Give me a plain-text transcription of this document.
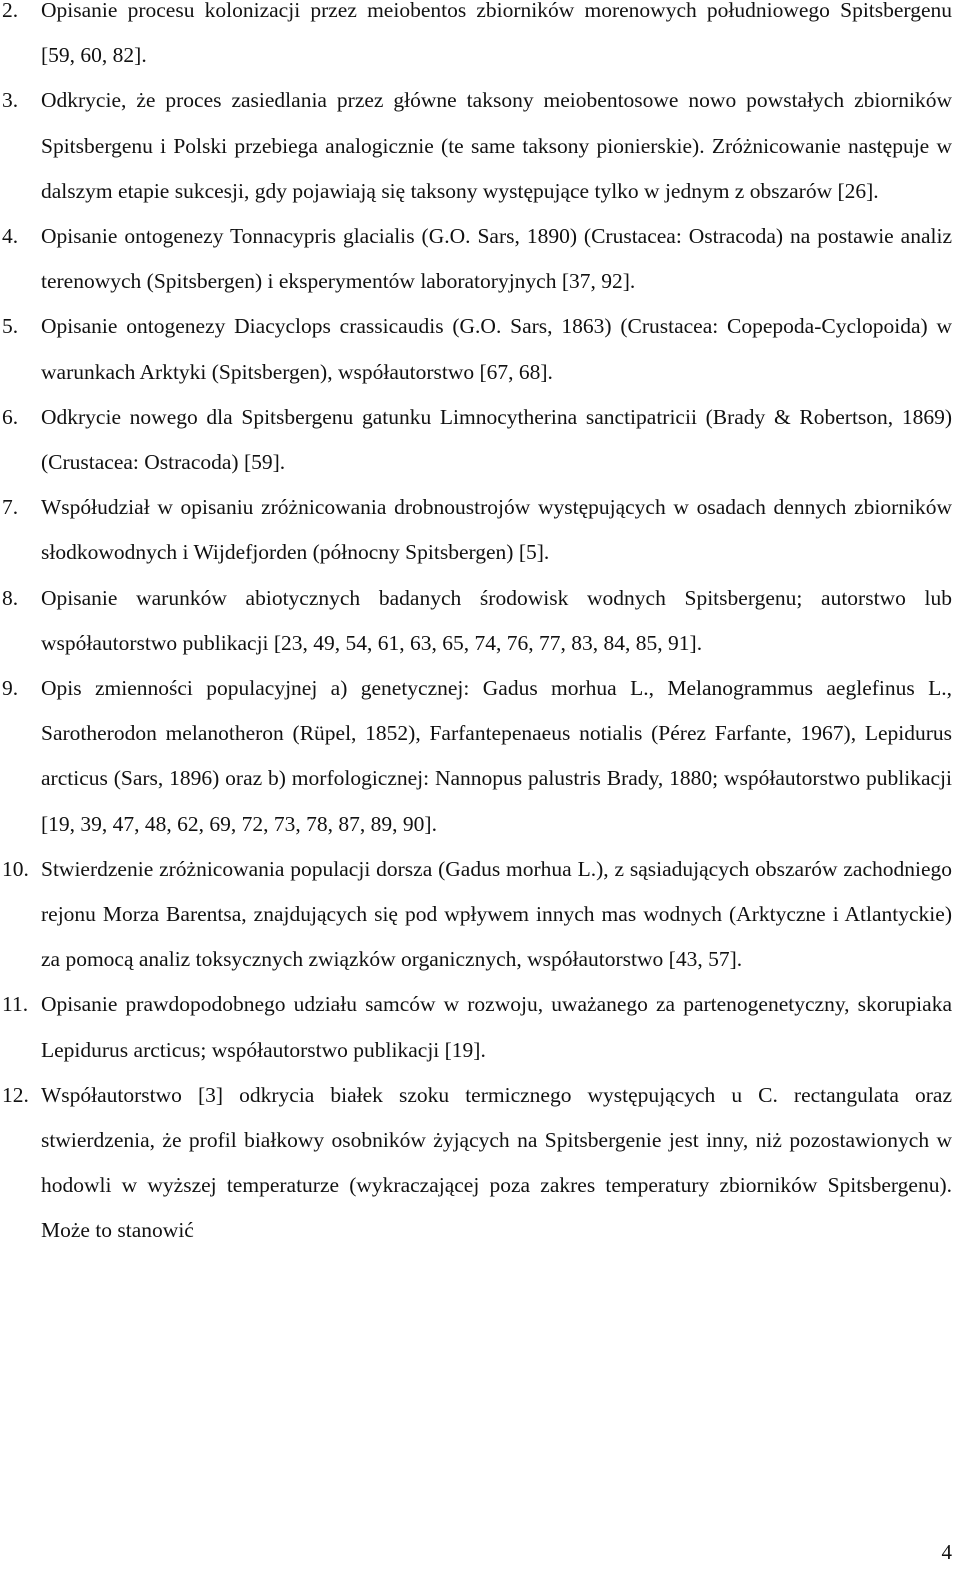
2.	Opisanie procesu kolonizacji przez meiobentos zbiorników morenowych południowego Spitsbergenu [59, 60, 82].
3.	Odkrycie, że proces zasiedlania przez główne taksony meiobentosowe nowo powstałych zbiorników Spitsbergenu i Polski przebiega analogicznie (te same taksony pionierskie). Zróżnicowanie następuje w dalszym etapie sukcesji, gdy pojawiają się taksony występujące tylko w jednym z obszarów [26].
4.	Opisanie ontogenezy Tonnacypris glacialis (G.O. Sars, 1890) (Crustacea: Ostracoda) na postawie analiz terenowych (Spitsbergen) i eksperymentów laboratoryjnych [37, 92].
5.	Opisanie ontogenezy Diacyclops crassicaudis (G.O. Sars, 1863) (Crustacea: Copepoda-Cyclopoida) w warunkach Arktyki (Spitsbergen), współautorstwo [67, 68].
6.	Odkrycie nowego dla Spitsbergenu gatunku Limnocytherina sanctipatricii (Brady & Robertson, 1869) (Crustacea: Ostracoda) [59].
7.	Współudział w opisaniu zróżnicowania drobnoustrojów występujących w osadach dennych zbiorników słodkowodnych i Wijdefjorden (północny Spitsbergen) [5].
8.	Opisanie warunków abiotycznych badanych środowisk wodnych Spitsbergenu; autorstwo lub współautorstwo publikacji [23, 49, 54, 61, 63, 65, 74, 76, 77, 83, 84, 85, 91].
9.	Opis zmienności populacyjnej a) genetycznej: Gadus morhua L., Melanogrammus aeglefinus L., Sarotherodon melanotheron (Rüpel, 1852), Farfantepenaeus notialis (Pérez Farfante, 1967), Lepidurus arcticus (Sars, 1896) oraz b) morfologicznej: Nannopus palustris Brady, 1880; współautorstwo publikacji [19, 39, 47, 48, 62, 69, 72, 73, 78, 87, 89, 90].
10. Stwierdzenie zróżnicowania populacji dorsza (Gadus morhua L.), z sąsiadujących obszarów zachodniego rejonu Morza Barentsa, znajdujących się pod wpływem innych mas wodnych (Arktyczne i Atlantyckie) za pomocą analiz toksycznych związków organicznych, współautorstwo [43, 57].
11. Opisanie prawdopodobnego udziału samców w rozwoju, uważanego za partenogenetyczny, skorupiaka Lepidurus arcticus; współautorstwo publikacji [19].
12. Współautorstwo [3] odkrycia białek szoku termicznego występujących u C. rectangulata oraz stwierdzenia, że profil białkowy osobników żyjących na Spitsbergenie jest inny, niż pozostawionych w hodowli w wyższej temperaturze (wykraczającej poza zakres temperatury zbiorników Spitsbergenu). Może to stanowić
4
